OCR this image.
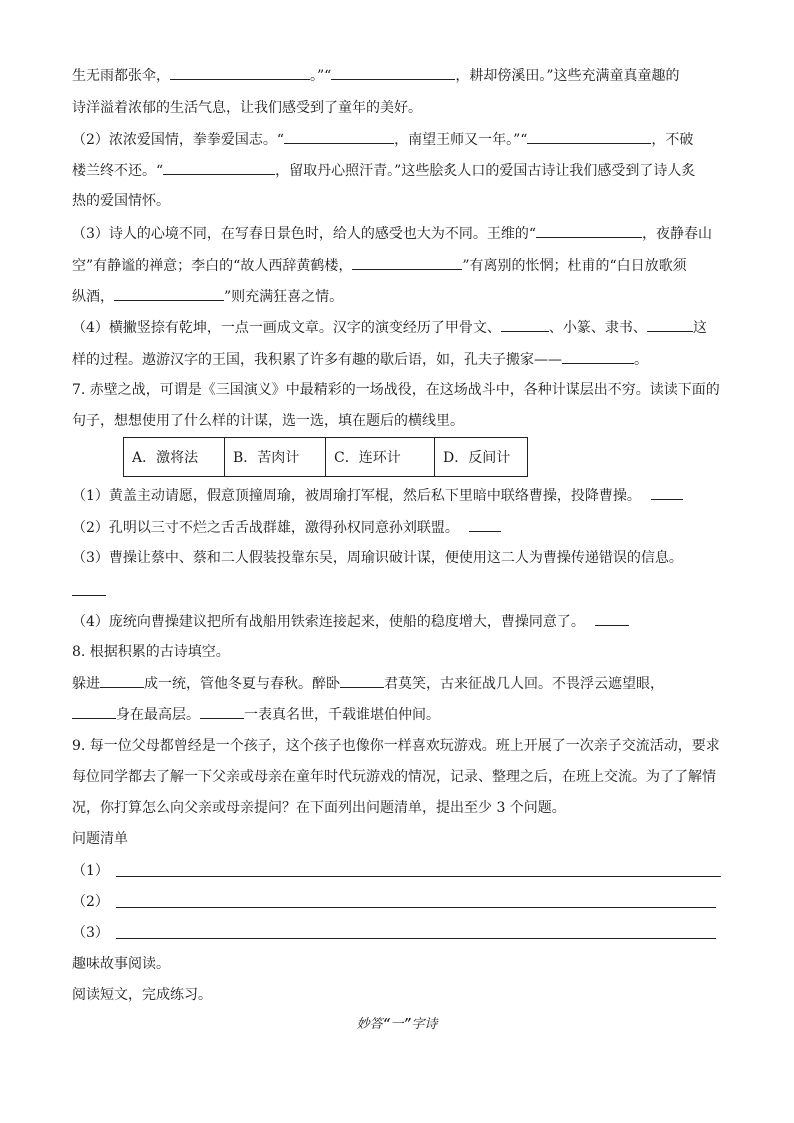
生无雨都张伞，	。”“	，耕却傍溪田。”这些充满童真童趣的
诗洋溢着浓郁的生活气息，让我们感受到了童年的美好。
（2）浓浓爱国情，拳拳爱国志。“	，南望王师又一年。”“	，不破
楼兰终不还。“	，留取丹心照汗青。”这些脍炙人口的爱国古诗让我们感受到了诗人炙
热的爱国情怀。
（3）诗人的心境不同，在写春日景色时，给人的感受也大为不同。王维的“	，夜静春山
空”有静谧的禅意；李白的“故人西辞黄鹤楼，	”有离别的怅惘；杜甫的“白日放歌须
纵酒，	”则充满狂喜之情。
（4）横撇竖捺有乾坤，一点一画成文章。汉字的演变经历了甲骨文、	、小篆、隶书、	这
样的过程。遨游汉字的王国，我积累了许多有趣的歇后语，如，孔夫子搬家——	。
7. 赤壁之战，可谓是《三国演义》中最精彩的一场战役，在这场战斗中，各种计谋层出不穷。读读下面的
句子，想想使用了什么样的计谋，选一选，填在题后的横线里。
A．激将法	B．苦肉计	C．连环计	D．反间计
（1）黄盖主动请愿，假意顶撞周瑜，被周瑜打军棍，然后私下里暗中联络曹操，投降曹操。
（2）孔明以三寸不烂之舌舌战群雄，激得孙权同意孙刘联盟。
（3）曹操让蔡中、蔡和二人假装投靠东吴，周瑜识破计谋，便使用这二人为曹操传递错误的信息。
（4）庞统向曹操建议把所有战船用铁索连接起来，使船的稳度增大，曹操同意了。
8. 根据积累的古诗填空。
躲进	成一统，管他冬夏与春秋。醉卧	君莫笑，古来征战几人回。不畏浮云遮望眼，
身在最高层。	一表真名世，千载谁堪伯仲间。
9. 每一位父母都曾经是一个孩子，这个孩子也像你一样喜欢玩游戏。班上开展了一次亲子交流活动，要求
每位同学都去了解一下父亲或母亲在童年时代玩游戏的情况，记录、整理之后，在班上交流。为了了解情
况，你打算怎么向父亲或母亲提问？在下面列出问题清单，提出至少 3 个问题。
问题清单
（1）
（2）
（3）
趣味故事阅读。
阅读短文，完成练习。
妙答“一”字诗
